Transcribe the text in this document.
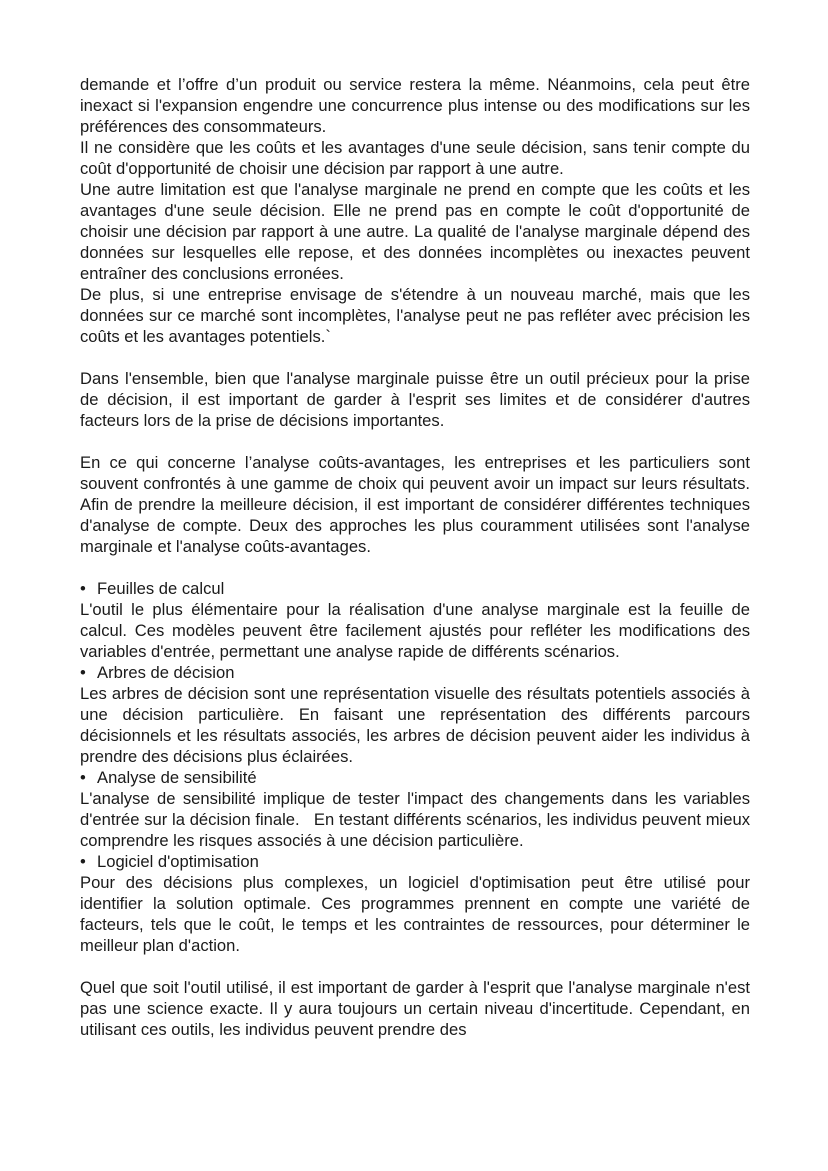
demande et l’offre d’un produit ou service restera la même. Néanmoins, cela peut être inexact si l'expansion engendre une concurrence plus intense ou des modifications sur les préférences des consommateurs.

Il ne considère que les coûts et les avantages d'une seule décision, sans tenir compte du coût d'opportunité de choisir une décision par rapport à une autre.

Une autre limitation est que l'analyse marginale ne prend en compte que les coûts et les avantages d'une seule décision. Elle ne prend pas en compte le coût d'opportunité de choisir une décision par rapport à une autre. La qualité de l'analyse marginale dépend des données sur lesquelles elle repose, et des données incomplètes ou inexactes peuvent entraîner des conclusions erronées.

De plus, si une entreprise envisage de s'étendre à un nouveau marché, mais que les données sur ce marché sont incomplètes, l'analyse peut ne pas refléter avec précision les coûts et les avantages potentiels.`

Dans l'ensemble, bien que l'analyse marginale puisse être un outil précieux pour la prise de décision, il est important de garder à l'esprit ses limites et de considérer d'autres facteurs lors de la prise de décisions importantes.

En ce qui concerne l’analyse coûts-avantages, les entreprises et les particuliers sont souvent confrontés à une gamme de choix qui peuvent avoir un impact sur leurs résultats. Afin de prendre la meilleure décision, il est important de considérer différentes techniques d'analyse de compte. Deux des approches les plus couramment utilisées sont l'analyse marginale et l'analyse coûts-avantages.

• Feuilles de calcul

L'outil le plus élémentaire pour la réalisation d'une analyse marginale est la feuille de calcul. Ces modèles peuvent être facilement ajustés pour refléter les modifications des variables d'entrée, permettant une analyse rapide de différents scénarios.

• Arbres de décision

Les arbres de décision sont une représentation visuelle des résultats potentiels associés à une décision particulière. En faisant une représentation des différents parcours décisionnels et les résultats associés, les arbres de décision peuvent aider les individus à prendre des décisions plus éclairées.

• Analyse de sensibilité

L'analyse de sensibilité implique de tester l'impact des changements dans les variables d'entrée sur la décision finale.   En testant différents scénarios, les individus peuvent mieux comprendre les risques associés à une décision particulière.

• Logiciel d'optimisation

Pour des décisions plus complexes, un logiciel d'optimisation peut être utilisé pour identifier la solution optimale. Ces programmes prennent en compte une variété de facteurs, tels que le coût, le temps et les contraintes de ressources, pour déterminer le meilleur plan d'action.

Quel que soit l'outil utilisé, il est important de garder à l'esprit que l'analyse marginale n'est pas une science exacte. Il y aura toujours un certain niveau d'incertitude. Cependant, en utilisant ces outils, les individus peuvent prendre des
